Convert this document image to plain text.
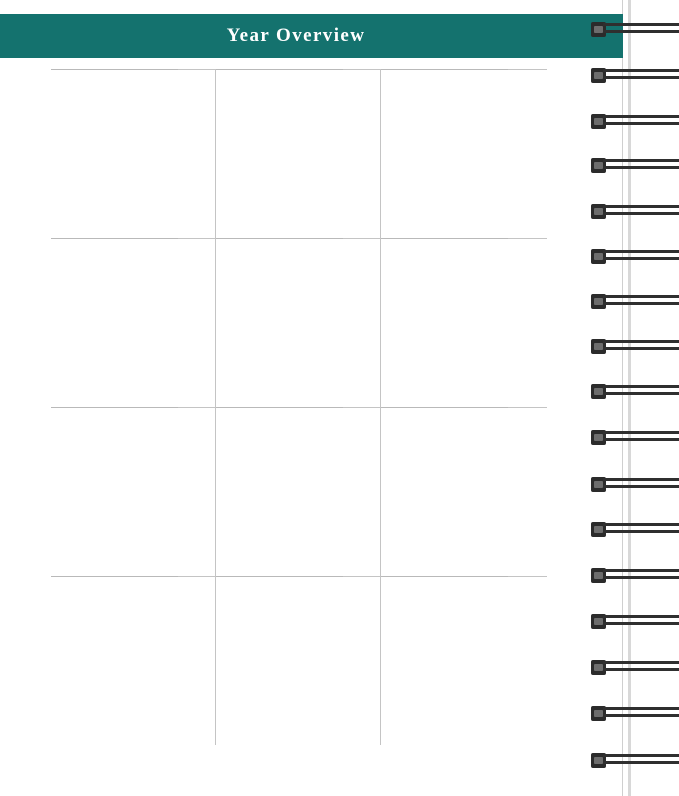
Year Overview
